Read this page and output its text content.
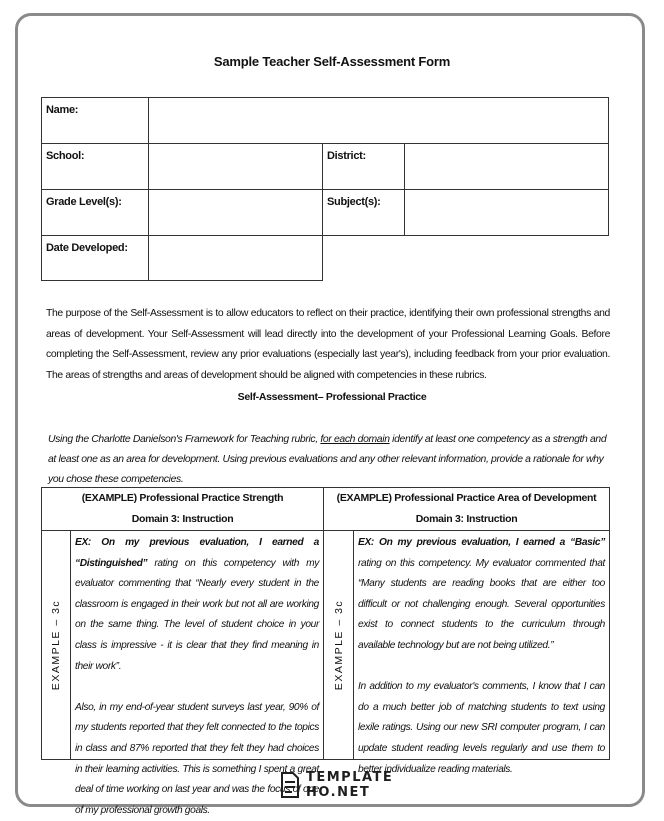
Sample Teacher Self-Assessment Form
Name:
School:	District:
Grade Level(s):	Subject(s):
Date Developed:
The purpose of the Self-Assessment is to allow educators to reflect on their practice, identifying their own professional strengths and areas of development. Your Self-Assessment will lead directly into the development of your Professional Learning Goals. Before completing the Self-Assessment, review any prior evaluations (especially last year's), including feedback from your prior evaluation. The areas of strengths and areas of development should be aligned with competencies in these rubrics.
Self-Assessment– Professional Practice
Using the Charlotte Danielson's Framework for Teaching rubric, for each domain identify at least one competency as a strength and at least one as an area for development. Using previous evaluations and any other relevant information, provide a rationale for why you chose these competencies.
(EXAMPLE) Professional Practice Strength
Domain 3: Instruction
(EXAMPLE) Professional Practice Area of Development
Domain 3: Instruction
EXAMPLE – 3c

EX: On my previous evaluation, I earned a “Distinguished” rating on this competency with my evaluator commenting that “Nearly every student in the classroom is engaged in their work but not all are working on the same thing. The level of student choice in your class is impressive - it is clear that they find meaning in their work”.

Also, in my end-of-year student surveys last year, 90% of my students reported that they felt connected to the topics in class and 87% reported that they felt they had choices in their learning activities. This is something I spent a great deal of time working on last year and was the focus of one of my professional growth goals.

EXAMPLE – 3c

EX: On my previous evaluation, I earned a “Basic” rating on this competency. My evaluator commented that “Many students are reading books that are either too difficult or not challenging enough. Several opportunities exist to connect students to the curriculum through available technology but are not being utilized.”

In addition to my evaluator's comments, I know that I can do a much better job of matching students to text using lexile ratings. Using our new SRI computer program, I can update student reading levels regularly and use them to better individualize reading materials.

TEMPLATE
HO.NET
